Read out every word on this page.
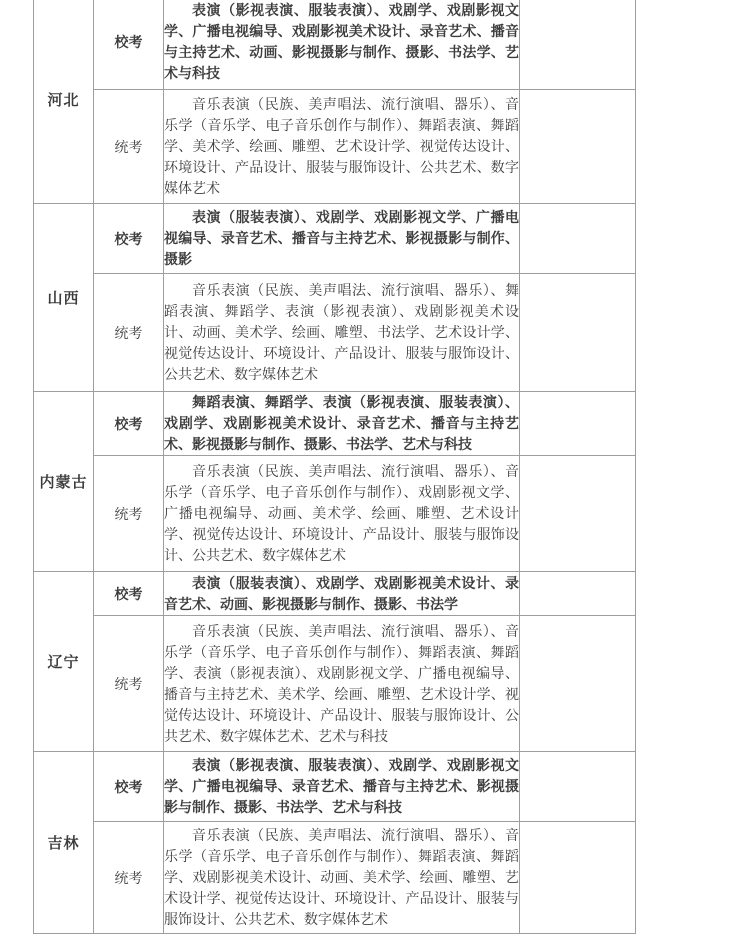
河北	校考	表演（影视表演、服装表演）、戏剧学、戏剧影视文学、广播电视编导、戏剧影视美术设计、录音艺术、播音与主持艺术、动画、影视摄影与制作、摄影、书法学、艺术与科技	

	统考	音乐表演（民族、美声唱法、流行演唱、器乐）、音乐学（音乐学、电子音乐创作与制作）、舞蹈表演、舞蹈学、美术学、绘画、雕塑、艺术设计学、视觉传达设计、环境设计、产品设计、服装与服饰设计、公共艺术、数字媒体艺术	

山西	校考	表演（服装表演）、戏剧学、戏剧影视文学、广播电视编导、录音艺术、播音与主持艺术、影视摄影与制作、摄影	

	统考	音乐表演（民族、美声唱法、流行演唱、器乐）、舞蹈表演、舞蹈学、表演（影视表演）、戏剧影视美术设计、动画、美术学、绘画、雕塑、书法学、艺术设计学、视觉传达设计、环境设计、产品设计、服装与服饰设计、公共艺术、数字媒体艺术	

内蒙古	校考	舞蹈表演、舞蹈学、表演（影视表演、服装表演）、戏剧学、戏剧影视美术设计、录音艺术、播音与主持艺术、影视摄影与制作、摄影、书法学、艺术与科技	

	统考	音乐表演（民族、美声唱法、流行演唱、器乐）、音乐学（音乐学、电子音乐创作与制作）、戏剧影视文学、广播电视编导、动画、美术学、绘画、雕塑、艺术设计学、视觉传达设计、环境设计、产品设计、服装与服饰设计、公共艺术、数字媒体艺术	

辽宁	校考	表演（服装表演）、戏剧学、戏剧影视美术设计、录音艺术、动画、影视摄影与制作、摄影、书法学	

	统考	音乐表演（民族、美声唱法、流行演唱、器乐）、音乐学（音乐学、电子音乐创作与制作）、舞蹈表演、舞蹈学、表演（影视表演）、戏剧影视文学、广播电视编导、播音与主持艺术、美术学、绘画、雕塑、艺术设计学、视觉传达设计、环境设计、产品设计、服装与服饰设计、公共艺术、数字媒体艺术、艺术与科技	

吉林	校考	表演（影视表演、服装表演）、戏剧学、戏剧影视文学、广播电视编导、录音艺术、播音与主持艺术、影视摄影与制作、摄影、书法学、艺术与科技	

	统考	音乐表演（民族、美声唱法、流行演唱、器乐）、音乐学（音乐学、电子音乐创作与制作）、舞蹈表演、舞蹈学、戏剧影视美术设计、动画、美术学、绘画、雕塑、艺术设计学、视觉传达设计、环境设计、产品设计、服装与服饰设计、公共艺术、数字媒体艺术	
